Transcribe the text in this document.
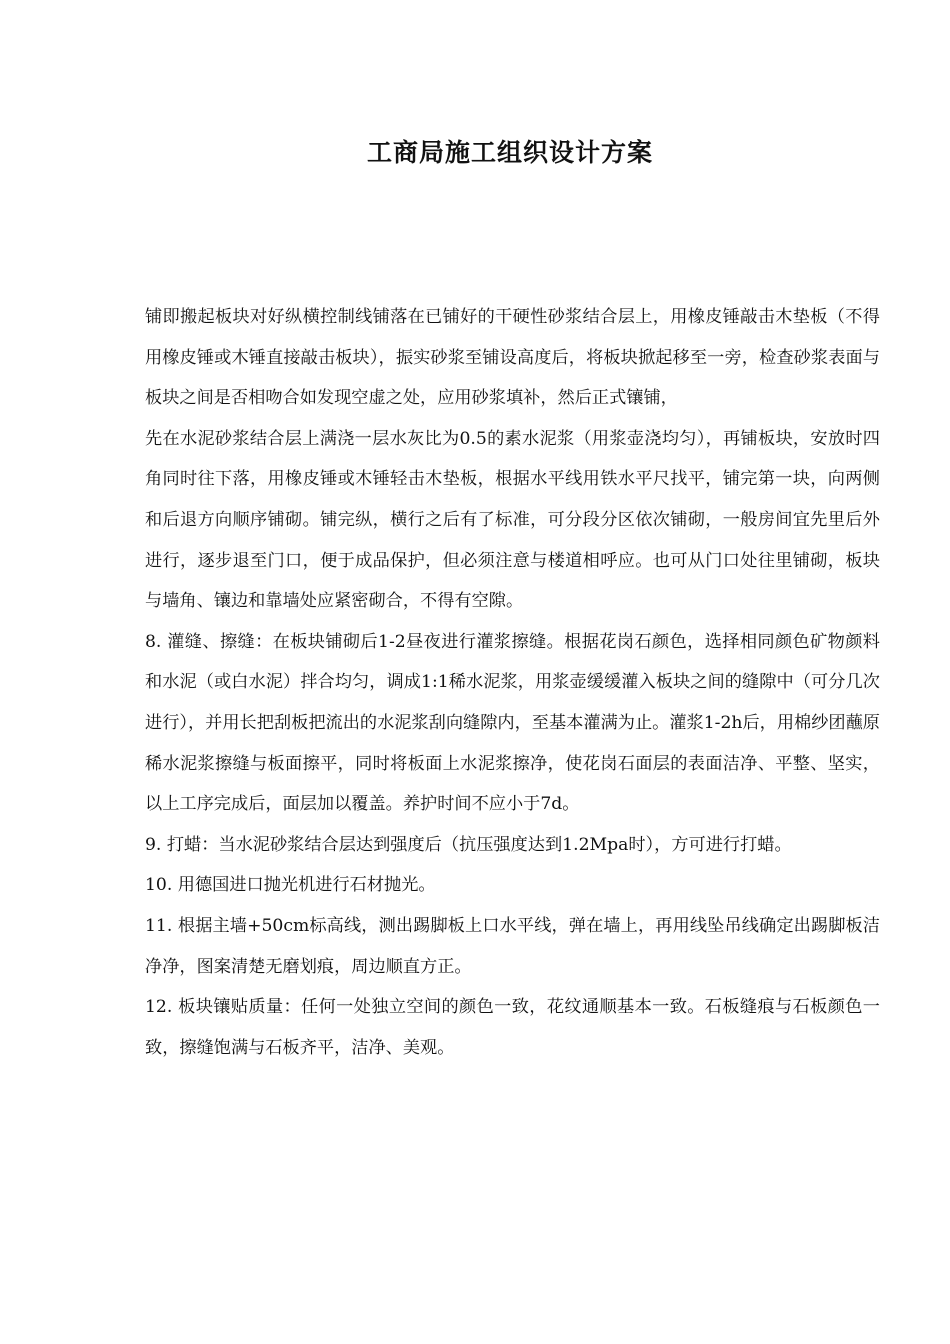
工商局施工组织设计方案

铺即搬起板块对好纵横控制线铺落在已铺好的干硬性砂浆结合层上，用橡皮锤敲击木垫板（不得用橡皮锤或木锤直接敲击板块），振实砂浆至铺设高度后，将板块掀起移至一旁，检查砂浆表面与板块之间是否相吻合如发现空虚之处，应用砂浆填补，然后正式镶铺，

先在水泥砂浆结合层上满浇一层水灰比为0.5的素水泥浆（用浆壶浇均匀），再铺板块，安放时四角同时往下落，用橡皮锤或木锤轻击木垫板，根据水平线用铁水平尺找平，铺完第一块，向两侧和后退方向顺序铺砌。铺完纵，横行之后有了标准，可分段分区依次铺砌，一般房间宜先里后外进行，逐步退至门口，便于成品保护，但必须注意与楼道相呼应。也可从门口处往里铺砌，板块与墙角、镶边和靠墙处应紧密砌合，不得有空隙。

8. 灌缝、擦缝：在板块铺砌后1-2昼夜进行灌浆擦缝。根据花岗石颜色，选择相同颜色矿物颜料和水泥（或白水泥）拌合均匀，调成1:1稀水泥浆，用浆壶缓缓灌入板块之间的缝隙中（可分几次进行），并用长把刮板把流出的水泥浆刮向缝隙内，至基本灌满为止。灌浆1-2h后，用棉纱团蘸原稀水泥浆擦缝与板面擦平，同时将板面上水泥浆擦净，使花岗石面层的表面洁净、平整、坚实，以上工序完成后，面层加以覆盖。养护时间不应小于7d。

9. 打蜡：当水泥砂浆结合层达到强度后（抗压强度达到1.2Mpa时），方可进行打蜡。

10. 用德国进口抛光机进行石材抛光。

11. 根据主墙+50cm标高线，测出踢脚板上口水平线，弹在墙上，再用线坠吊线确定出踢脚板洁净净，图案清楚无磨划痕，周边顺直方正。

12. 板块镶贴质量：任何一处独立空间的颜色一致，花纹通顺基本一致。石板缝痕与石板颜色一致，擦缝饱满与石板齐平，洁净、美观。
